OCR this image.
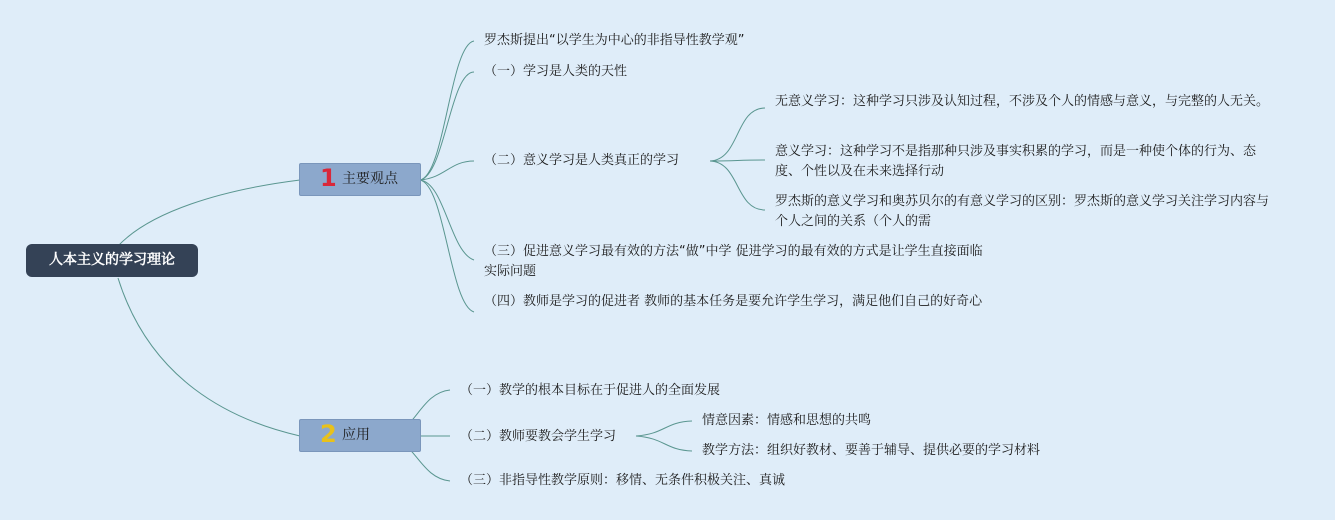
人本主义的学习理论
1 主要观点
2 应用
罗杰斯提出“以学生为中心的非指导性教学观”
（一）学习是人类的天性
（二）意义学习是人类真正的学习
（三）促进意义学习最有效的方法“做”中学 促进学习的最有效的方式是让学生直接面临实际问题
（四）教师是学习的促进者 教师的基本任务是要允许学生学习，满足他们自己的好奇心
无意义学习：这种学习只涉及认知过程，不涉及个人的情感与意义，与完整的人无关。
意义学习：这种学习不是指那种只涉及事实积累的学习，而是一种使个体的行为、态度、个性以及在未来选择行动
罗杰斯的意义学习和奥苏贝尔的有意义学习的区别：罗杰斯的意义学习关注学习内容与个人之间的关系（个人的需
（一）教学的根本目标在于促进人的全面发展
（二）教师要教会学生学习
（三）非指导性教学原则：移情、无条件积极关注、真诚
情意因素：情感和思想的共鸣
教学方法：组织好教材、要善于辅导、提供必要的学习材料
